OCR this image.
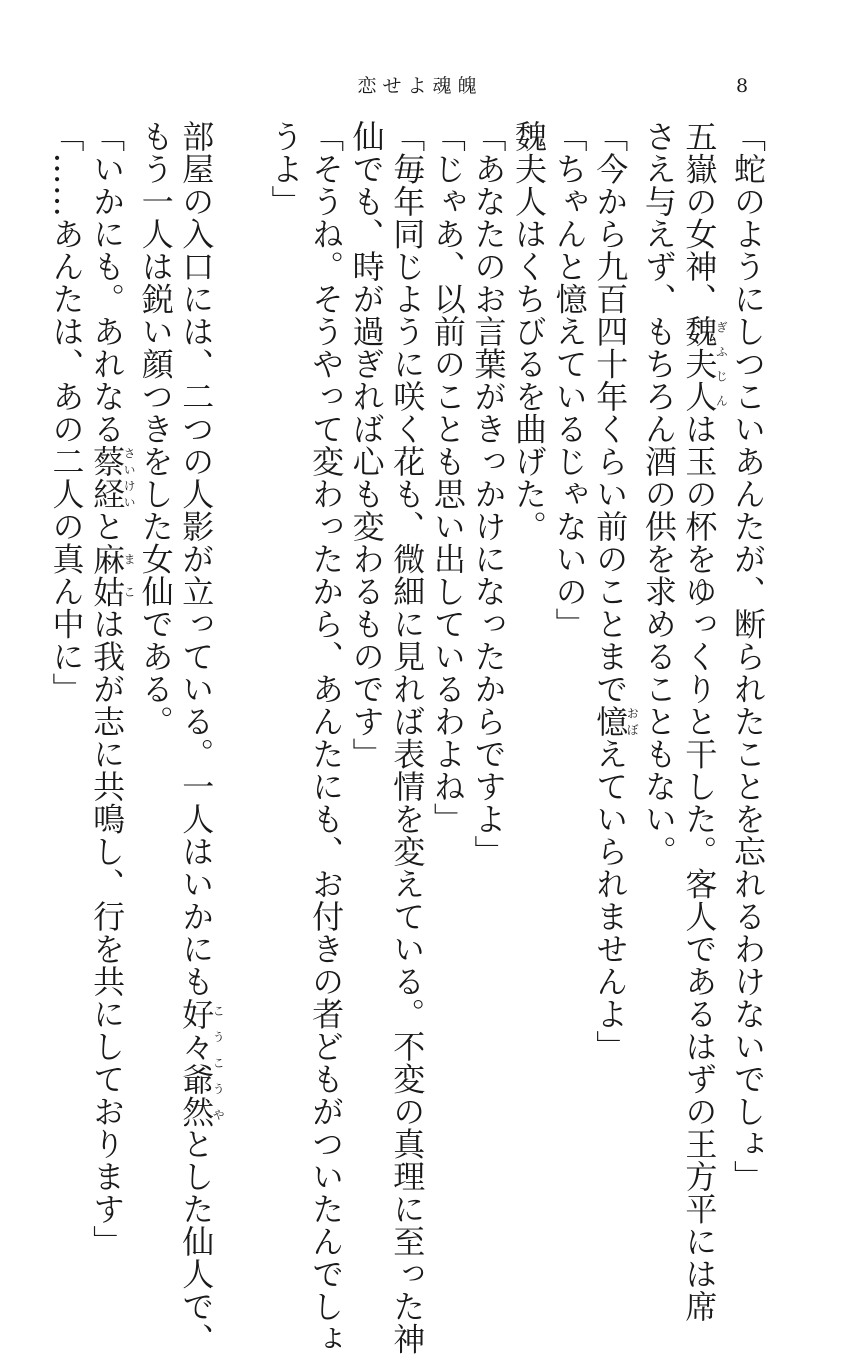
恋せよ魂魄	8
「蛇のようにしつこいあんたが、断られたことを忘れるわけないでしょ」
五嶽の女神、魏夫人ぎふじんは玉の杯をゆっくりと干した。客人であるはずの王方平には席
さえ与えず、もちろん酒の供を求めることもない。
「今から九百四十年くらい前のことまで憶おぼえていられませんよ」
「ちゃんと憶えているじゃないの」
魏夫人はくちびるを曲げた。
「あなたのお言葉がきっかけになったからですよ」
「じゃあ、以前のことも思い出しているわよね」
「毎年同じように咲く花も、微細に見れば表情を変えている。不変の真理に至った神
仙でも、時が過ぎれば心も変わるものです」
「そうね。そうやって変わったから、あんたにも、お付きの者どもがついたんでしょ
うよ」
部屋の入口には、二つの人影が立っている。一人はいかにも好々爺然こうこうやとした仙人で、
もう一人は鋭い顔つきをした女仙である。
「いかにも。あれなる蔡経さいけいと麻姑まこは我が志に共鳴し、行を共にしております」
「……あんたは、あの二人の真ん中に」
